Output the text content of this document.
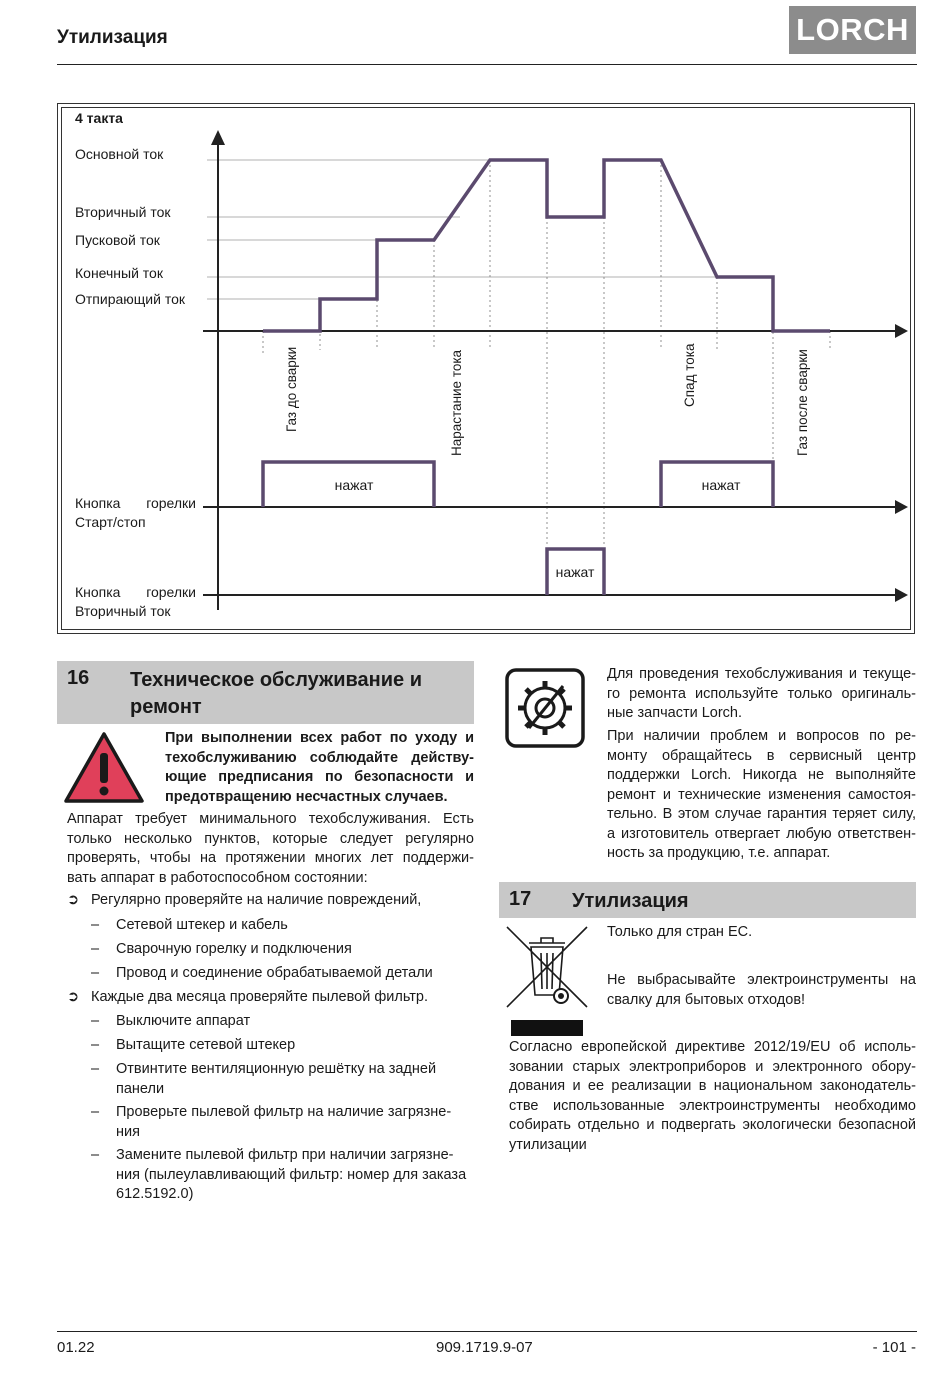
Утилизация	LORCH
4 такта
Основной ток
Вторичный ток
Пусковой ток
Конечный ток
Отпирающий ток
Газ до сварки	Нарастание тока	Спад тока	Газ после сварки
нажат	нажат
нажат
Кнопка горелки
Старт/стоп
Кнопка горелки
Вторичный ток
16 Техническое обслуживание и
ремонт
При выполнении всех работ по уходу и
техобслуживанию соблюдайте действу-
ющие предписания по безопасности и
предотвращению несчастных случаев.
Аппарат требует минимального техобслуживания. Есть
только несколько пунктов, которые следует регулярно
проверять, чтобы на протяжении многих лет поддержи-
вать аппарат в работоспособном состоянии:
➲ Регулярно проверяйте на наличие повреждений,
– Сетевой штекер и кабель
– Сварочную горелку и подключения
– Провод и соединение обрабатываемой детали
➲ Каждые два месяца проверяйте пылевой фильтр.
– Выключите аппарат
– Вытащите сетевой штекер
– Отвинтите вентиляционную решётку на задней
панели
– Проверьте пылевой фильтр на наличие загрязне-
ния
– Замените пылевой фильтр при наличии загрязне-
ния (пылеулавливающий фильтр: номер для заказа
612.5192.0)
Для проведения техобслуживания и текуще-
го ремонта используйте только оригиналь-
ные запчасти Lorch.
При наличии проблем и вопросов по ре-
монту обращайтесь в сервисный центр
поддержки Lorch. Никогда не выполняйте
ремонт и технические изменения самостоя-
тельно. В этом случае гарантия теряет силу,
а изготовитель отвергает любую ответствен-
ность за продукцию, т.е. аппарат.
17 Утилизация
Только для стран ЕС.
Не выбрасывайте электроинструменты на
свалку для бытовых отходов!
Согласно европейской директиве 2012/19/EU об исполь-
зовании старых электроприборов и электронного обору-
дования и ее реализации в национальном законодатель-
стве использованные электроинструменты необходимо
собирать отдельно и подвергать экологически безопасной
утилизации
01.22	909.1719.9-07	- 101 -
